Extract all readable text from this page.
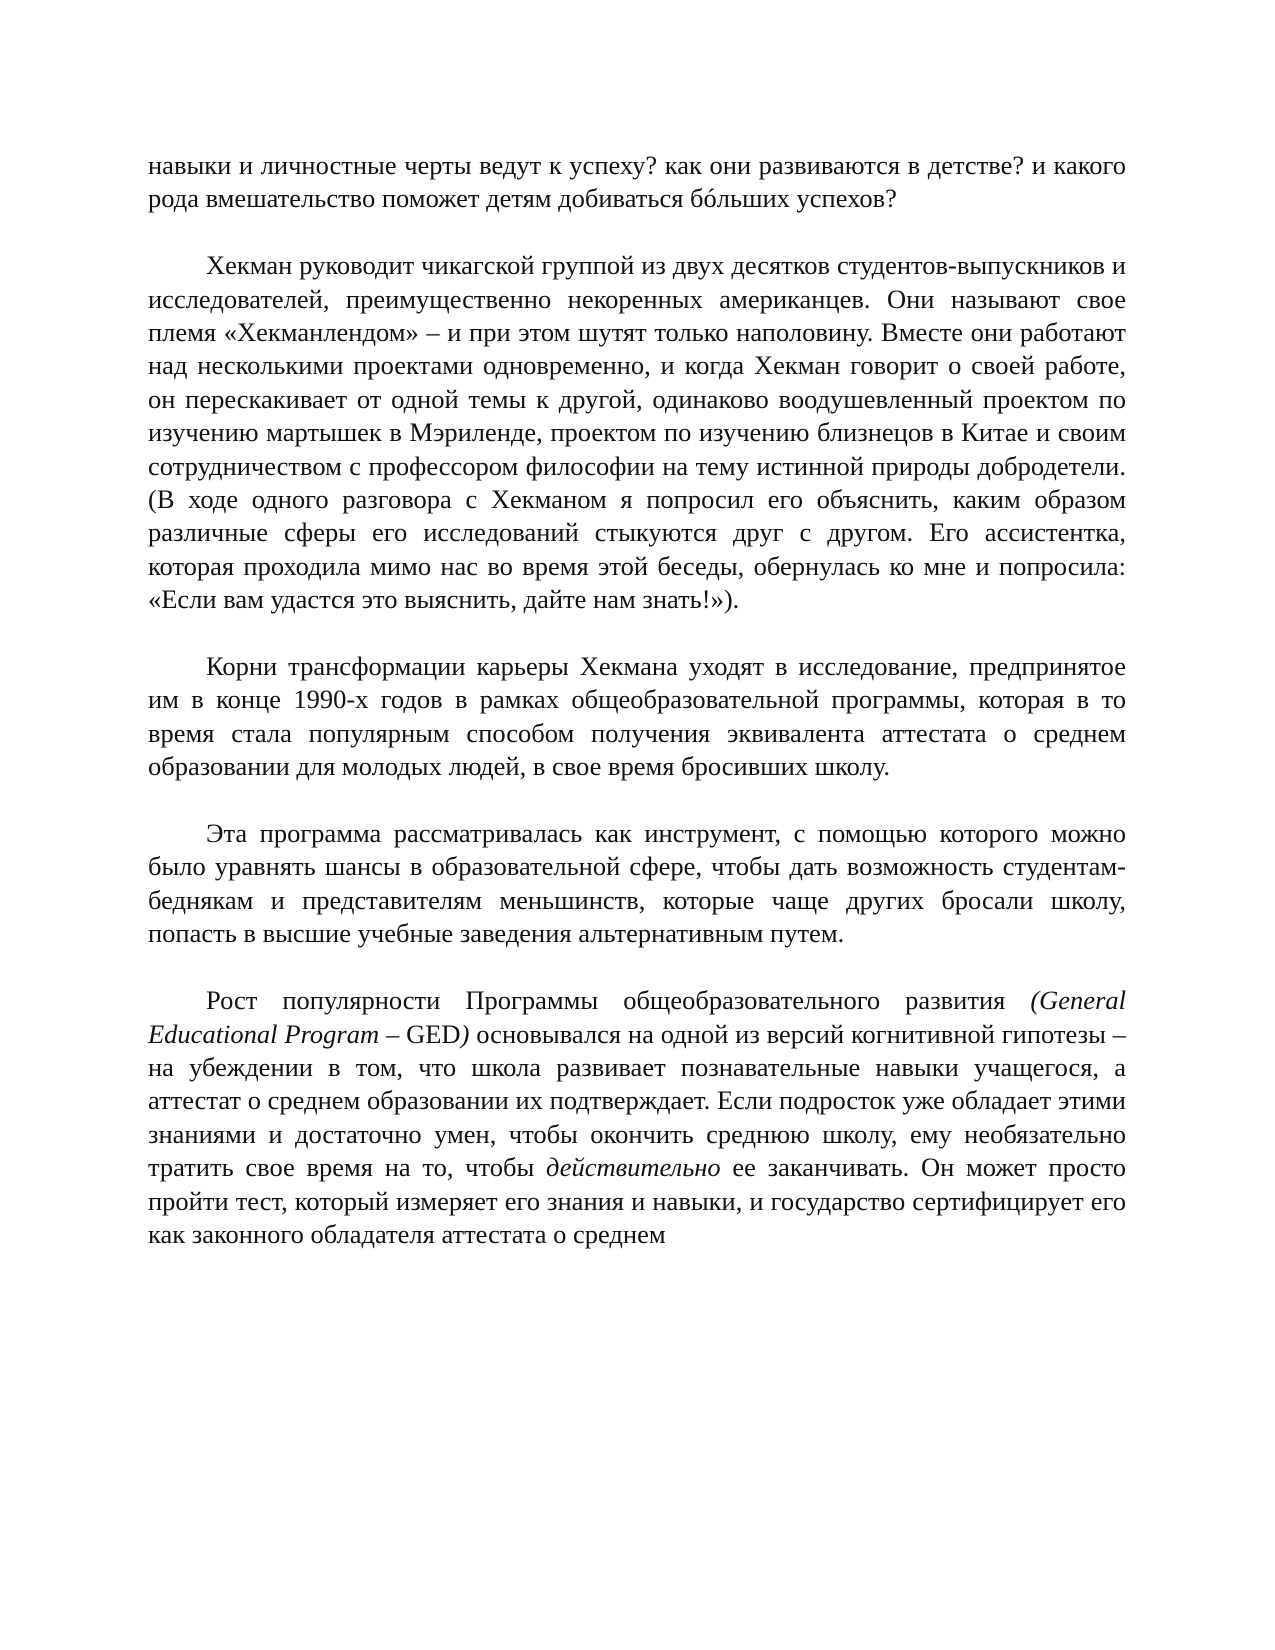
навыки и личностные черты ведут к успеху? как они развиваются в детстве? и какого рода вмешательство поможет детям добиваться бóльших успехов?

Хекман руководит чикагской группой из двух десятков студентов-выпускников и исследователей, преимущественно некоренных американцев. Они называют свое племя «Хекманлендом» – и при этом шутят только наполовину. Вместе они работают над несколькими проектами одновременно, и когда Хекман говорит о своей работе, он перескакивает от одной темы к другой, одинаково воодушевленный проектом по изучению мартышек в Мэриленде, проектом по изучению близнецов в Китае и своим сотрудничеством с профессором философии на тему истинной природы добродетели. (В ходе одного разговора с Хекманом я попросил его объяснить, каким образом различные сферы его исследований стыкуются друг с другом. Его ассистентка, которая проходила мимо нас во время этой беседы, обернулась ко мне и попросила: «Если вам удастся это выяснить, дайте нам знать!»).

Корни трансформации карьеры Хекмана уходят в исследование, предпринятое им в конце 1990-х годов в рамках общеобразовательной программы, которая в то время стала популярным способом получения эквивалента аттестата о среднем образовании для молодых людей, в свое время бросивших школу.

Эта программа рассматривалась как инструмент, с помощью которого можно было уравнять шансы в образовательной сфере, чтобы дать возможность студентам-беднякам и представителям меньшинств, которые чаще других бросали школу, попасть в высшие учебные заведения альтернативным путем.

Рост популярности Программы общеобразовательного развития (General Educational Program – GED) основывался на одной из версий когнитивной гипотезы – на убеждении в том, что школа развивает познавательные навыки учащегося, а аттестат о среднем образовании их подтверждает. Если подросток уже обладает этими знаниями и достаточно умен, чтобы окончить среднюю школу, ему необязательно тратить свое время на то, чтобы действительно ее заканчивать. Он может просто пройти тест, который измеряет его знания и навыки, и государство сертифицирует его как законного обладателя аттестата о среднем
